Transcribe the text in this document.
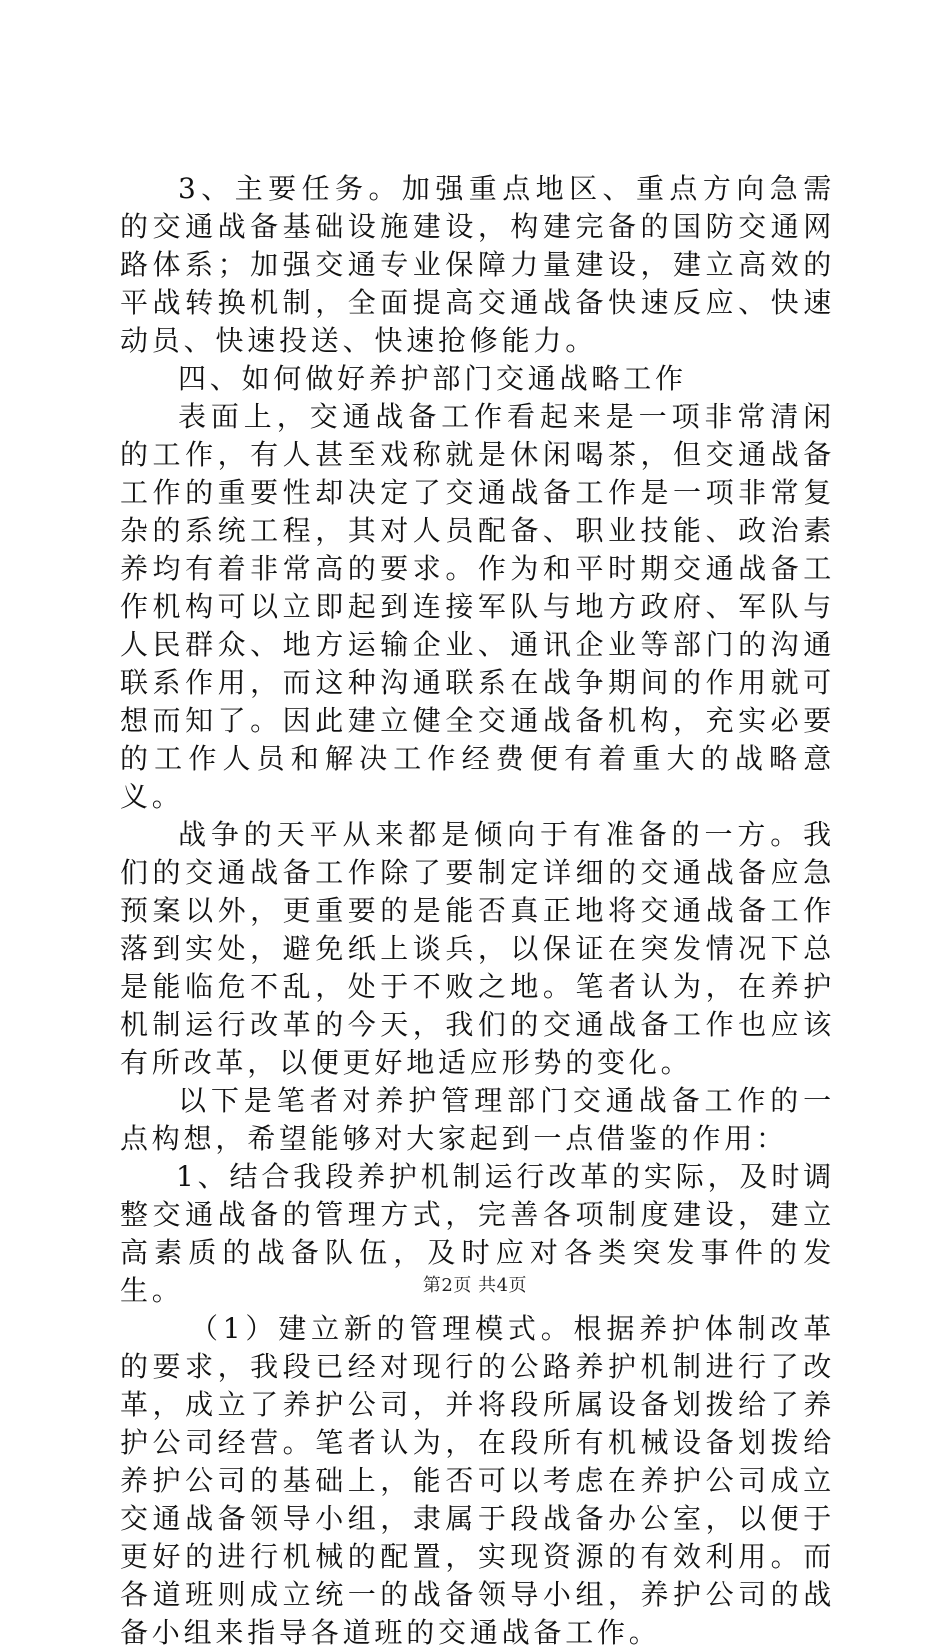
3、主要任务。加强重点地区、重点方向急需的交通战备基础设施建设，构建完备的国防交通网路体系；加强交通专业保障力量建设，建立高效的平战转换机制，全面提高交通战备快速反应、快速动员、快速投送、快速抢修能力。

四、如何做好养护部门交通战略工作

表面上，交通战备工作看起来是一项非常清闲的工作，有人甚至戏称就是休闲喝茶，但交通战备工作的重要性却决定了交通战备工作是一项非常复杂的系统工程，其对人员配备、职业技能、政治素养均有着非常高的要求。作为和平时期交通战备工作机构可以立即起到连接军队与地方政府、军队与人民群众、地方运输企业、通讯企业等部门的沟通联系作用，而这种沟通联系在战争期间的作用就可想而知了。因此建立健全交通战备机构，充实必要的工作人员和解决工作经费便有着重大的战略意义。

战争的天平从来都是倾向于有准备的一方。我们的交通战备工作除了要制定详细的交通战备应急预案以外，更重要的是能否真正地将交通战备工作落到实处，避免纸上谈兵，以保证在突发情况下总是能临危不乱，处于不败之地。笔者认为，在养护机制运行改革的今天，我们的交通战备工作也应该有所改革，以便更好地适应形势的变化。

以下是笔者对养护管理部门交通战备工作的一点构想，希望能够对大家起到一点借鉴的作用：

1、结合我段养护机制运行改革的实际，及时调整交通战备的管理方式，完善各项制度建设，建立高素质的战备队伍，及时应对各类突发事件的发生。

（1）建立新的管理模式。根据养护体制改革的要求，我段已经对现行的公路养护机制进行了改革，成立了养护公司，并将段所属设备划拨给了养护公司经营。笔者认为，在段所有机械设备划拨给养护公司的基础上，能否可以考虑在养护公司成立交通战备领导小组，隶属于段战备办公室，以便于更好的进行机械的配置，实现资源的有效利用。而各道班则成立统一的战备领导小组，养护公司的战备小组来指导各道班的交通战备工作。

第2页 共4页
